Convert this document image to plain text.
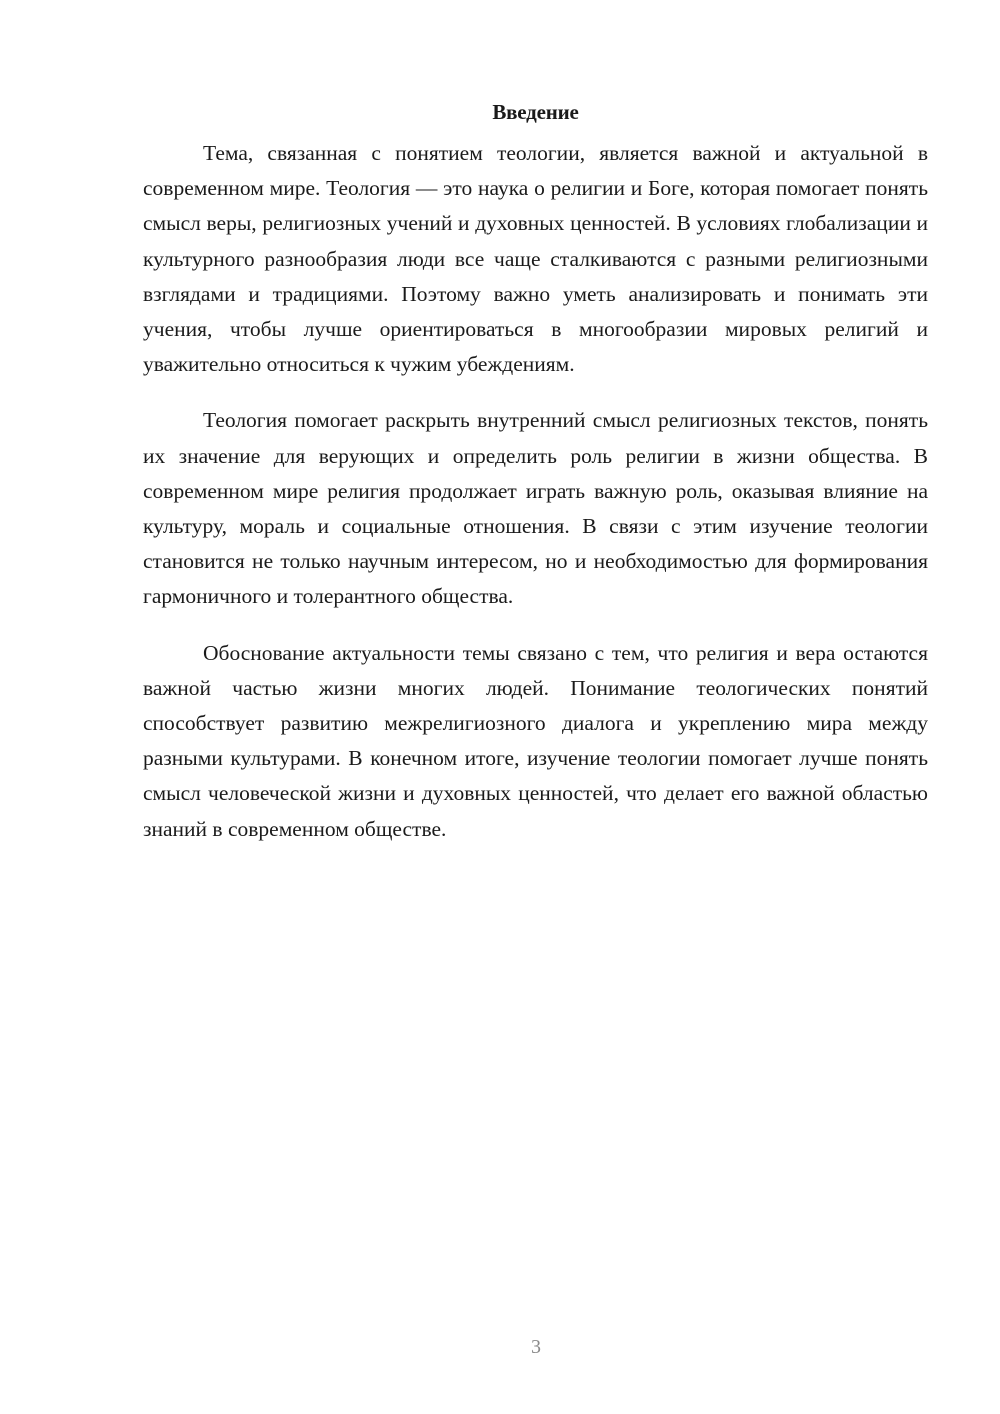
Введение

Тема, связанная с понятием теологии, является важной и актуальной в современном мире. Теология — это наука о религии и Боге, которая помогает понять смысл веры, религиозных учений и духовных ценностей. В условиях глобализации и культурного разнообразия люди все чаще сталкиваются с разными религиозными взглядами и традициями. Поэтому важно уметь анализировать и понимать эти учения, чтобы лучше ориентироваться в многообразии мировых религий и уважительно относиться к чужим убеждениям.

Теология помогает раскрыть внутренний смысл религиозных текстов, понять их значение для верующих и определить роль религии в жизни общества. В современном мире религия продолжает играть важную роль, оказывая влияние на культуру, мораль и социальные отношения. В связи с этим изучение теологии становится не только научным интересом, но и необходимостью для формирования гармоничного и толерантного общества.

Обоснование актуальности темы связано с тем, что религия и вера остаются важной частью жизни многих людей. Понимание теологических понятий способствует развитию межрелигиозного диалога и укреплению мира между разными культурами. В конечном итоге, изучение теологии помогает лучше понять смысл человеческой жизни и духовных ценностей, что делает его важной областью знаний в современном обществе.

3
